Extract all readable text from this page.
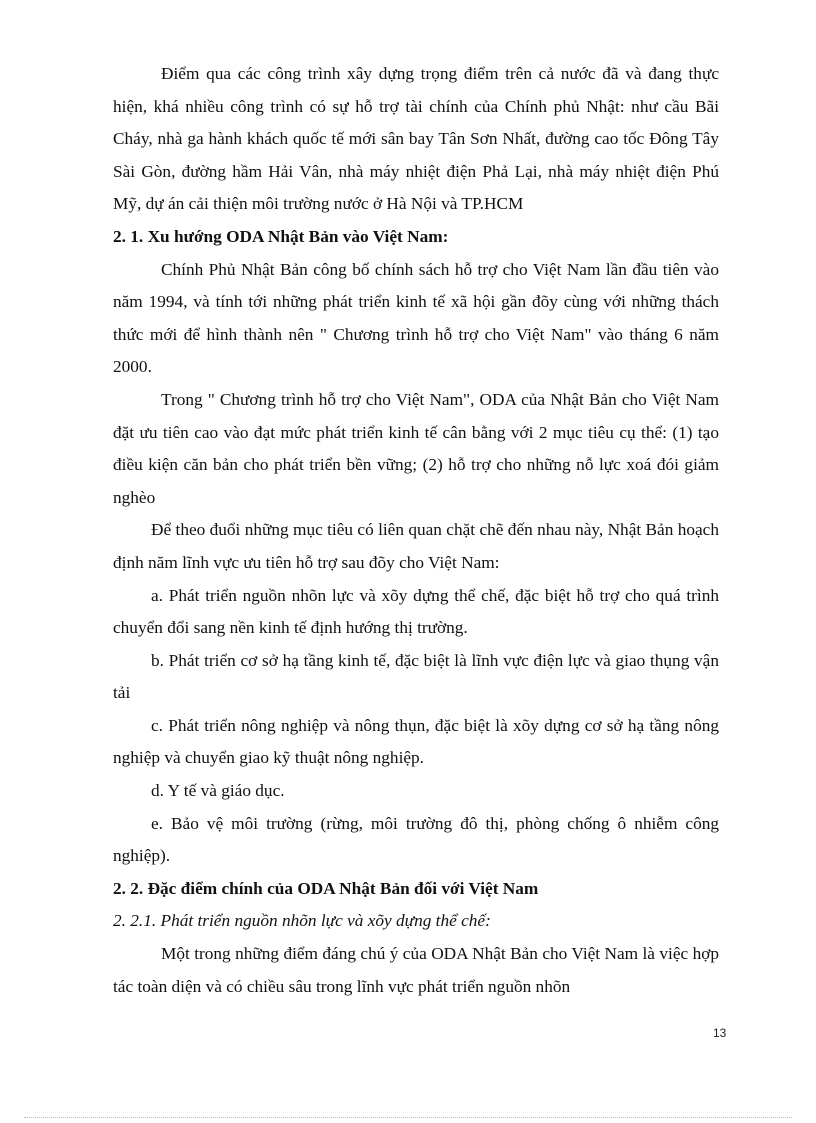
Điểm qua các công trình xây dựng trọng điểm trên cả nước đã và đang thực hiện, khá nhiều công trình có sự hỗ trợ tài chính của Chính phủ Nhật: như cầu Bãi Cháy, nhà ga hành khách quốc tế mới sân bay Tân Sơn Nhất, đường cao tốc Đông Tây Sài Gòn, đường hầm Hải Vân, nhà máy nhiệt điện Phả Lại, nhà máy nhiệt điện Phú Mỹ, dự án cải thiện môi trường nước ở Hà Nội và TP.HCM

2. 1. Xu hướng ODA Nhật Bản vào Việt Nam:

Chính Phủ Nhật Bản công bố chính sách hỗ trợ cho Việt Nam lần đầu tiên vào năm 1994, và tính tới những phát triển kinh tế xã hội gần đõy cùng với những thách thức mới để hình thành nên " Chương trình hỗ trợ cho Việt Nam" vào tháng 6 năm 2000.

Trong " Chương trình hỗ trợ cho Việt Nam", ODA của Nhật Bản cho Việt Nam đặt ưu tiên cao vào đạt mức phát triển kinh tế cân bằng với 2 mục tiêu cụ thể: (1) tạo điều kiện căn bản cho phát triển bền vững; (2) hỗ trợ cho những nỗ lực xoá đói giảm nghèo

Để theo đuổi những mục tiêu có liên quan chặt chẽ đến nhau này, Nhật Bản hoạch định năm lĩnh vực ưu tiên hỗ trợ sau đõy cho Việt Nam:

a. Phát triển nguồn nhõn lực và xõy dựng thể chế, đặc biệt hỗ trợ cho quá trình chuyển đổi sang nền kinh tế định hướng thị trường.

b. Phát triển cơ sở hạ tầng kinh tế, đặc biệt là lĩnh vực điện lực và giao thụng vận tải

c. Phát triển nông nghiệp và nông thụn, đặc biệt là xõy dựng cơ sở hạ tầng nông nghiệp và chuyển giao kỹ thuật nông nghiệp.

d. Y tế và giáo dục.

e. Bảo vệ môi trường (rừng, môi trường đô thị, phòng chống ô nhiễm công nghiệp).

2. 2. Đặc điểm chính của ODA Nhật Bản đối với Việt Nam

2. 2.1. Phát triển nguồn nhõn lực và xõy dựng thể chế:

Một trong những điểm đáng chú ý của ODA Nhật Bản cho Việt Nam là việc hợp tác toàn diện và có chiều sâu trong lĩnh vực phát triển nguồn nhõn

13
